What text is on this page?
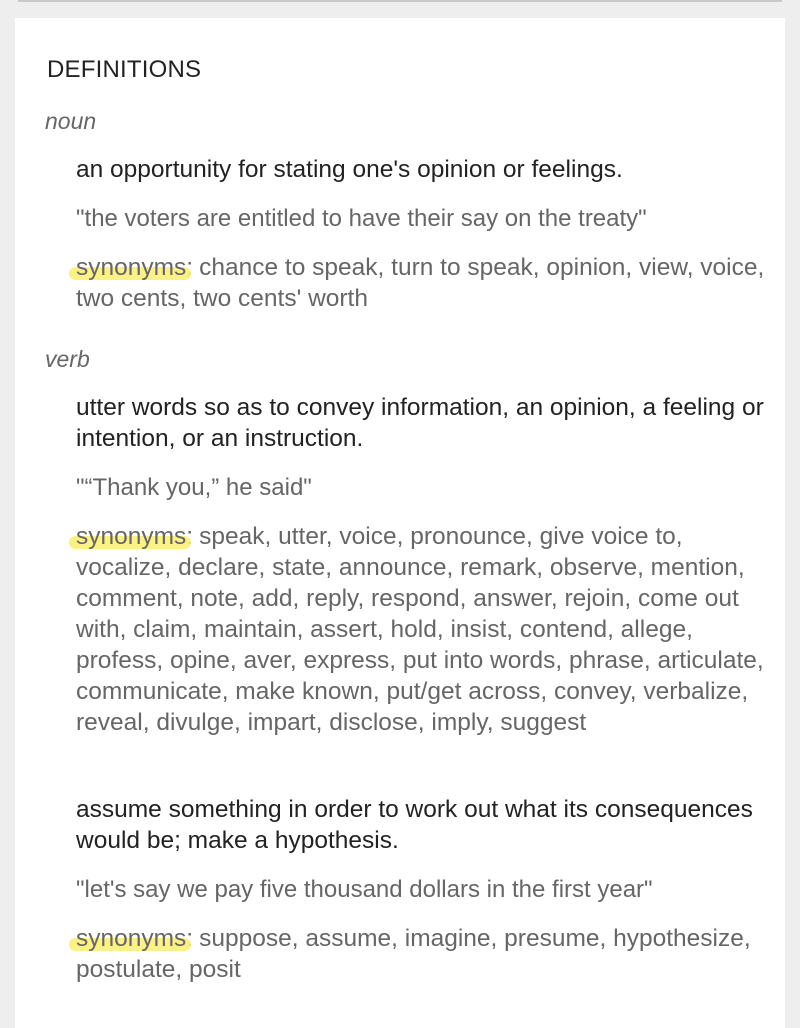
DEFINITIONS
noun

an opportunity for stating one's opinion or feelings.

"the voters are entitled to have their say on the treaty"

synonyms: chance to speak, turn to speak, opinion, view, voice, two cents, two cents' worth

verb

utter words so as to convey information, an opinion, a feeling or intention, or an instruction.

"“Thank you,” he said"

synonyms: speak, utter, voice, pronounce, give voice to, vocalize, declare, state, announce, remark, observe, mention, comment, note, add, reply, respond, answer, rejoin, come out with, claim, maintain, assert, hold, insist, contend, allege, profess, opine, aver, express, put into words, phrase, articulate, communicate, make known, put/get across, convey, verbalize, reveal, divulge, impart, disclose, imply, suggest

assume something in order to work out what its consequences would be; make a hypothesis.

"let's say we pay five thousand dollars in the first year"

synonyms: suppose, assume, imagine, presume, hypothesize, postulate, posit
